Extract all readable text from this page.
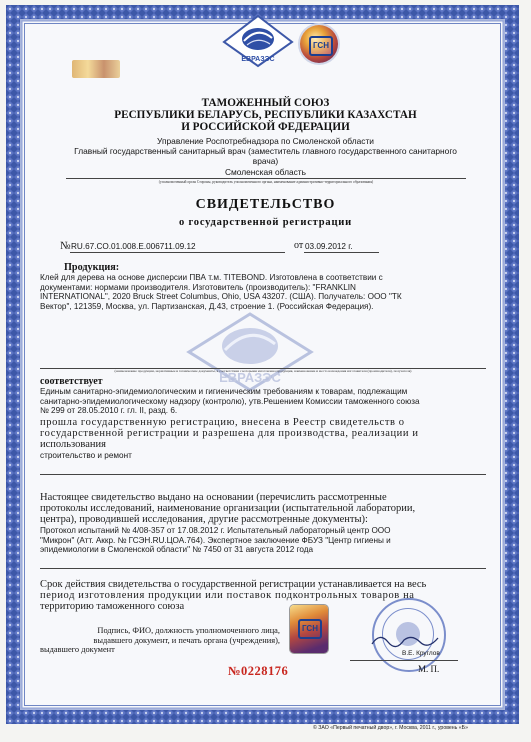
ЕВРАЗЭС
ГСН
ТАМОЖЕННЫЙ СОЮЗ
РЕСПУБЛИКИ БЕЛАРУСЬ, РЕСПУБЛИКИ КАЗАХСТАН
И РОССИЙСКОЙ ФЕДЕРАЦИИ
Управление Роспотребнадзора по Смоленской области
Главный государственный санитарный врач (заместитель главного государственного санитарного
врача)
Смоленская область
(уполномоченный орган Стороны, руководитель уполномоченного органа, наименование административно-территориального образования)
СВИДЕТЕЛЬСТВО
о государственной регистрации
№ RU.67.CO.01.008.E.006711.09.12	от 03.09.2012 г.
Продукция:
Клей для дерева на основе дисперсии ПВА т.м. TITEBOND. Изготовлена в соответствии с
документами: нормами производителя. Изготовитель (производитель): "FRANKLIN
INTERNATIONAL", 2020 Bruck Street Columbus, Ohio, USA 43207. (США). Получатель: ООО "ТК
Вектор", 121359, Москва, ул. Партизанская, Д.43, строение 1. (Российская Федерация).
ЕВРАЗЭС
(наименование продукции, нормативные и технические документы, в соответствии с которыми изготовлена продукция, наименование и место нахождения изготовителя (производителя), получателя)
соответствует
Единым санитарно-эпидемиологическим и гигиеническим требованиям к товарам, подлежащим
санитарно-эпидемиологическому надзору (контролю), утв.Решением Комиссии таможенного союза
№ 299 от 28.05.2010 г. гл. II, разд. 6.
прошла государственную регистрацию, внесена в Реестр свидетельств о
государственной регистрации и разрешена для производства, реализации и
использования
строительство и ремонт
Настоящее свидетельство выдано на основании (перечислить рассмотренные
протоколы исследований, наименование организации (испытательной лаборатории,
центра), проводившей исследования, другие рассмотренные документы):
Протокол испытаний № 4/08-357 от 17.08.2012 г. Испытательный лабораторный центр ООО
"Микрон" (Атт. Аккр. № ГСЭН.RU.ЦОА.764). Экспертное заключение ФБУЗ "Центр гигиены и
эпидемиологии в Смоленской области" № 7450 от 31 августа 2012 года
Срок действия свидетельства о государственной регистрации устанавливается на весь
период изготовления продукции или поставок подконтрольных товаров на
территорию таможенного союза
Подпись, ФИО, должность уполномоченного лица,
выдавшего документ, и печать органа (учреждения),
выдавшего документ
ГСН
В.Е. Круглов
М. П.
№0228176
© ЗАО «Первый печатный двор», г. Москва, 2011 г., уровень «Б»
